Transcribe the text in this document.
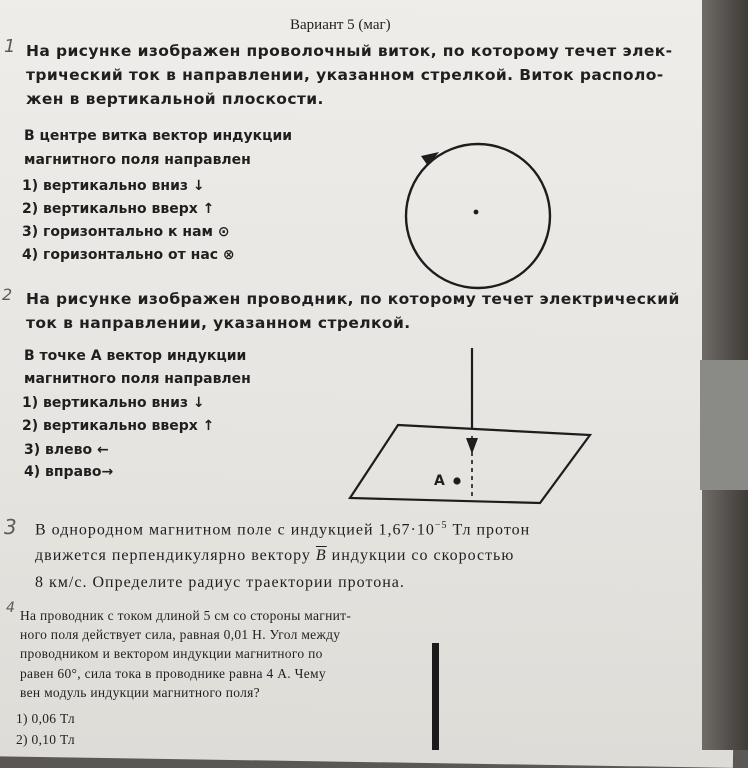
Вариант 5 (маг)
1
2
3
4
На рисунке изображен проволочный виток, по которому течет элек-
трический ток в направлении, указанном стрелкой. Виток располо-
жен в вертикальной плоскости.
В центре витка вектор индукции
магнитного поля направлен
1) вертикально вниз ↓
2) вертикально вверх ↑
3) горизонтально к нам ⊙
4) горизонтально от нас ⊗
На рисунке изображен проводник, по которому течет электрический
ток в направлении, указанном стрелкой.
В точке A вектор индукции
магнитного поля направлен
1) вертикально вниз ↓
2) вертикально вверх ↑
3) влево ←
4) вправо→
A
В однородном магнитном поле с индукцией $1,67\cdot 10^{-5}$ Тл протон
движется перпендикулярно вектору $\overline{B}$ индукции со скоростью
8 км/с. Определите радиус траектории протона.
На проводник с током длиной 5 см со стороны магнит-
ного поля действует сила, равная 0,01 Н. Угол между
проводником и вектором индукции магнитного по
равен 60°, сила тока в проводнике равна 4 А. Чему
вен модуль индукции магнитного поля?
1) 0,06 Тл
2) 0,10 Тл
